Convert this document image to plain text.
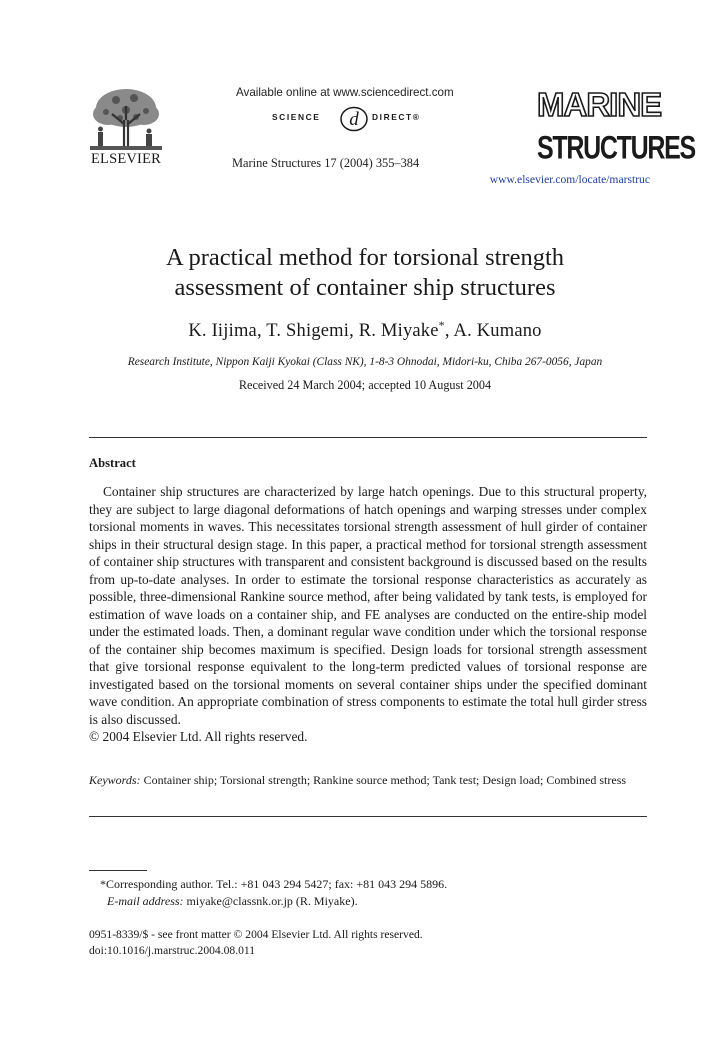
ELSEVIER
Available online at www.sciencedirect.com
SCIENCE d DIRECT®
Marine Structures 17 (2004) 355–384
MARINE
STRUCTURES
www.elsevier.com/locate/marstruc
A practical method for torsional strength
assessment of container ship structures
K. Iijima, T. Shigemi, R. Miyake*, A. Kumano
Research Institute, Nippon Kaiji Kyokai (Class NK), 1-8-3 Ohnodai, Midori-ku, Chiba 267-0056, Japan
Received 24 March 2004; accepted 10 August 2004
Abstract

Container ship structures are characterized by large hatch openings. Due to this structural property, they are subject to large diagonal deformations of hatch openings and warping stresses under complex torsional moments in waves. This necessitates torsional strength assessment of hull girder of container ships in their structural design stage. In this paper, a practical method for torsional strength assessment of container ship structures with transparent and consistent background is discussed based on the results from up-to-date analyses. In order to estimate the torsional response characteristics as accurately as possible, three-dimensional Rankine source method, after being validated by tank tests, is employed for estimation of wave loads on a container ship, and FE analyses are conducted on the entire-ship model under the estimated loads. Then, a dominant regular wave condition under which the torsional response of the container ship becomes maximum is specified. Design loads for torsional strength assessment that give torsional response equivalent to the long-term predicted values of torsional response are investigated based on the torsional moments on several container ships under the specified dominant wave condition. An appropriate combination of stress components to estimate the total hull girder stress is also discussed.

© 2004 Elsevier Ltd. All rights reserved.
Keywords: Container ship; Torsional strength; Rankine source method; Tank test; Design load; Combined stress
*Corresponding author. Tel.: +81 043 294 5427; fax: +81 043 294 5896.
E-mail address: miyake@classnk.or.jp (R. Miyake).
0951-8339/$ - see front matter © 2004 Elsevier Ltd. All rights reserved.
doi:10.1016/j.marstruc.2004.08.011
